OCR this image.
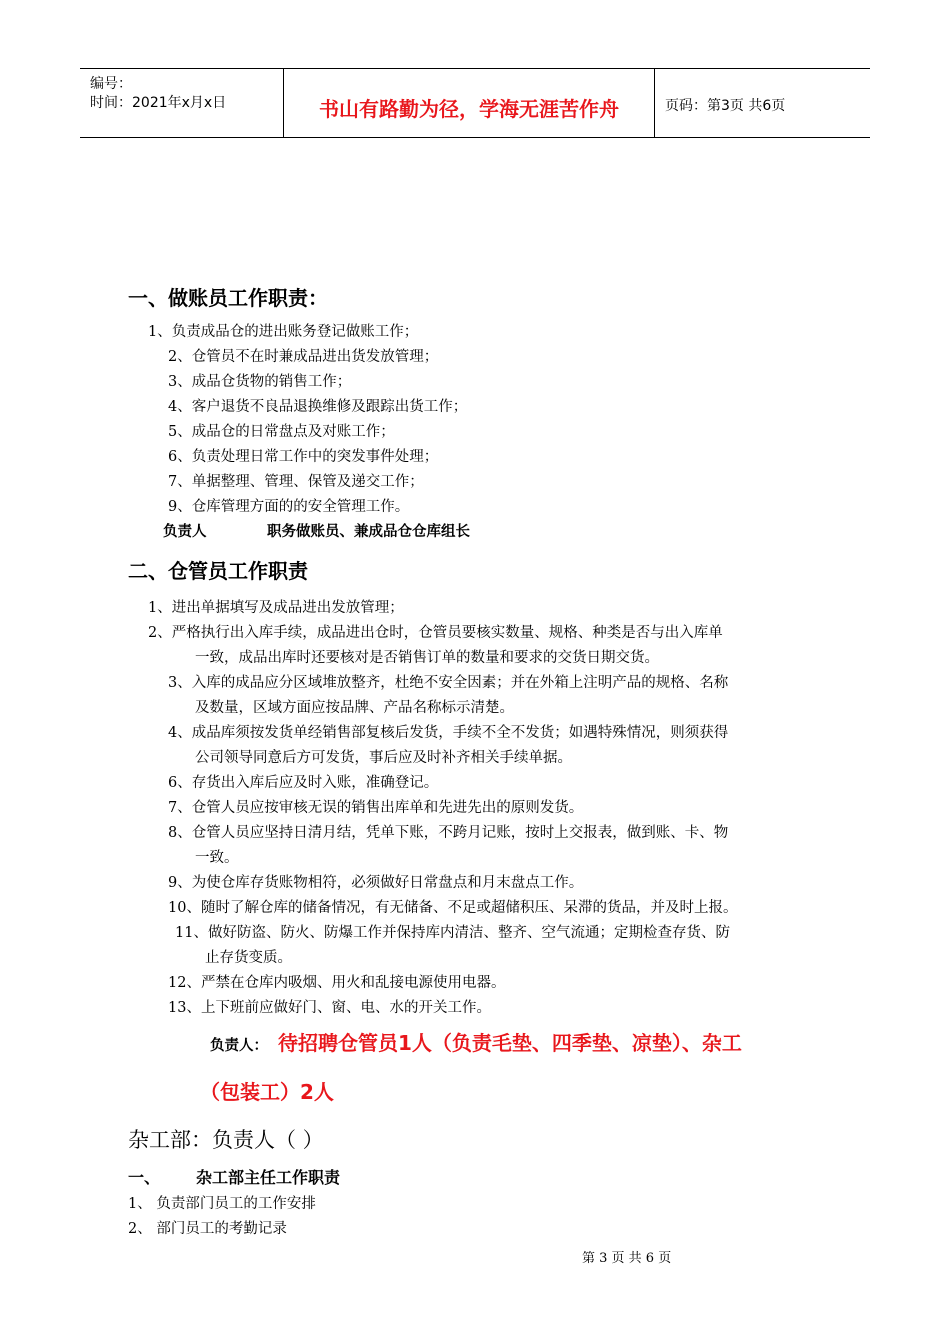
编号：
时间：2021年x月x日	书山有路勤为径，学海无涯苦作舟	页码：第3页 共6页
一、做账员工作职责：
1、负责成品仓的进出账务登记做账工作；
2、仓管员不在时兼成品进出货发放管理；
3、成品仓货物的销售工作；
4、客户退货不良品退换维修及跟踪出货工作；
5、成品仓的日常盘点及对账工作；
6、负责处理日常工作中的突发事件处理；
7、单据整理、管理、保管及递交工作；
9、仓库管理方面的的安全管理工作。
负责人	职务做账员、兼成品仓仓库组长
二、仓管员工作职责
1、进出单据填写及成品进出发放管理；
2、严格执行出入库手续，成品进出仓时，仓管员要核实数量、规格、种类是否与出入库单
一致，成品出库时还要核对是否销售订单的数量和要求的交货日期交货。
3、入库的成品应分区域堆放整齐，杜绝不安全因素；并在外箱上注明产品的规格、名称
及数量，区域方面应按品牌、产品名称标示清楚。
4、成品库须按发货单经销售部复核后发货，手续不全不发货；如遇特殊情况，则须获得
公司领导同意后方可发货，事后应及时补齐相关手续单据。
6、存货出入库后应及时入账，准确登记。
7、仓管人员应按审核无误的销售出库单和先进先出的原则发货。
8、仓管人员应坚持日清月结，凭单下账，不跨月记账，按时上交报表，做到账、卡、物
一致。
9、为使仓库存货账物相符，必须做好日常盘点和月末盘点工作。
10、随时了解仓库的储备情况，有无储备、不足或超储积压、呆滞的货品，并及时上报。
11、做好防盗、防火、防爆工作并保持库内清洁、整齐、空气流通；定期检查存货、防
止存货变质。
12、严禁在仓库内吸烟、用火和乱接电源使用电器。
13、上下班前应做好门、窗、电、水的开关工作。
负责人： 待招聘仓管员1人（负责毛垫、四季垫、凉垫）、杂工
（包装工）2人
杂工部：负责人（ ）
一、 杂工部主任工作职责
1、 负责部门员工的工作安排
2、 部门员工的考勤记录
第 3 页 共 6 页
